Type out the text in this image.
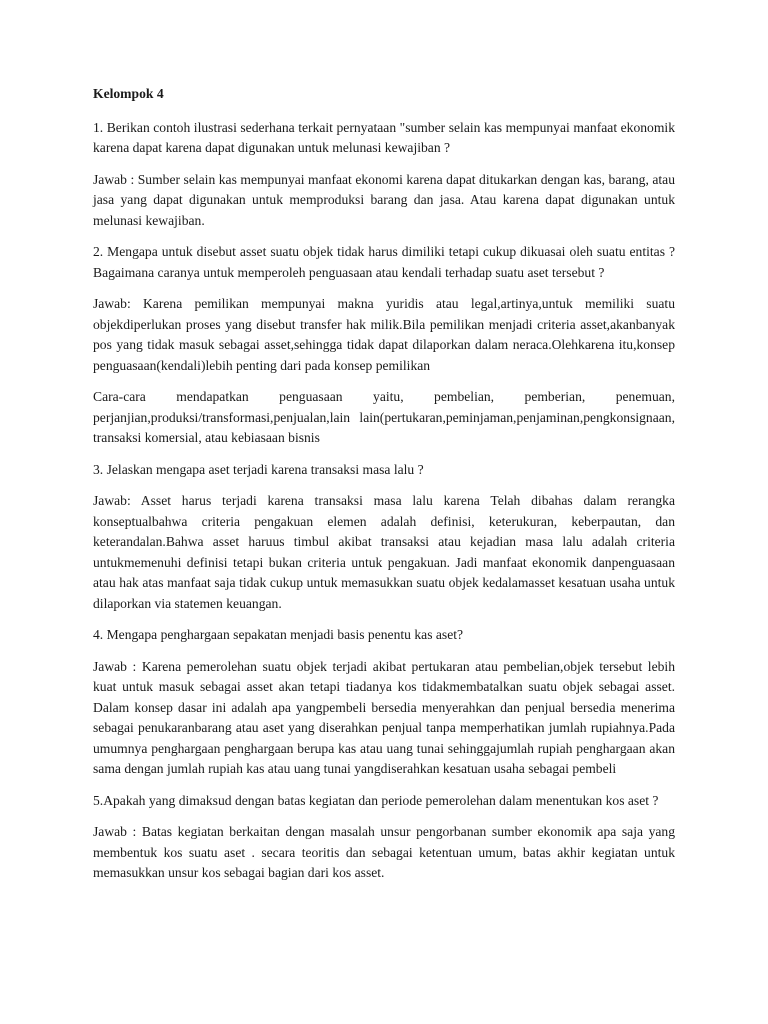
Kelompok 4

1. Berikan contoh ilustrasi sederhana terkait pernyataan "sumber selain kas mempunyai manfaat ekonomik karena dapat karena dapat digunakan untuk melunasi kewajiban ?

Jawab : Sumber selain kas mempunyai manfaat ekonomi karena dapat ditukarkan dengan kas, barang, atau jasa yang dapat digunakan untuk memproduksi barang dan jasa. Atau karena dapat digunakan untuk melunasi kewajiban.

2. Mengapa untuk disebut asset suatu objek tidak harus dimiliki tetapi cukup dikuasai oleh suatu entitas ? Bagaimana caranya untuk memperoleh penguasaan atau kendali terhadap suatu aset tersebut ?

Jawab: Karena pemilikan mempunyai makna yuridis atau legal,artinya,untuk memiliki suatu objekdiperlukan proses yang disebut transfer hak milik.Bila pemilikan menjadi criteria asset,akanbanyak pos yang tidak masuk sebagai asset,sehingga tidak dapat dilaporkan dalam neraca.Olehkarena itu,konsep penguasaan(kendali)lebih penting dari pada konsep pemilikan

Cara-cara mendapatkan penguasaan yaitu, pembelian, pemberian, penemuan, perjanjian,produksi/transformasi,penjualan,lain lain(pertukaran,peminjaman,penjaminan,pengkonsignaan, transaksi komersial, atau kebiasaan bisnis

3. Jelaskan mengapa aset terjadi karena transaksi masa lalu ?

Jawab: Asset harus terjadi karena transaksi masa lalu karena Telah dibahas dalam rerangka konseptualbahwa criteria pengakuan elemen adalah definisi, keterukuran, keberpautan, dan keterandalan.Bahwa asset haruus timbul akibat transaksi atau kejadian masa lalu adalah criteria untukmemenuhi definisi tetapi bukan criteria untuk pengakuan. Jadi manfaat ekonomik danpenguasaan atau hak atas manfaat saja tidak cukup untuk memasukkan suatu objek kedalamasset kesatuan usaha untuk dilaporkan via statemen keuangan.

4. Mengapa penghargaan sepakatan menjadi basis penentu kas aset?

Jawab : Karena pemerolehan suatu objek terjadi akibat pertukaran atau pembelian,objek tersebut lebih kuat untuk masuk sebagai asset akan tetapi tiadanya kos tidakmembatalkan suatu objek sebagai asset. Dalam konsep dasar ini adalah apa yangpembeli bersedia menyerahkan dan penjual bersedia menerima sebagai penukaranbarang atau aset yang diserahkan penjual tanpa memperhatikan jumlah rupiahnya.Pada umumnya penghargaan penghargaan berupa kas atau uang tunai sehinggajumlah rupiah penghargaan akan sama dengan jumlah rupiah kas atau uang tunai yangdiserahkan kesatuan usaha sebagai pembeli

5.Apakah yang dimaksud dengan batas kegiatan dan periode pemerolehan dalam menentukan kos aset ?

Jawab : Batas kegiatan berkaitan dengan masalah unsur pengorbanan sumber ekonomik apa saja yang membentuk kos suatu aset . secara teoritis dan sebagai ketentuan umum, batas akhir kegiatan untuk memasukkan unsur kos sebagai bagian dari kos asset.
